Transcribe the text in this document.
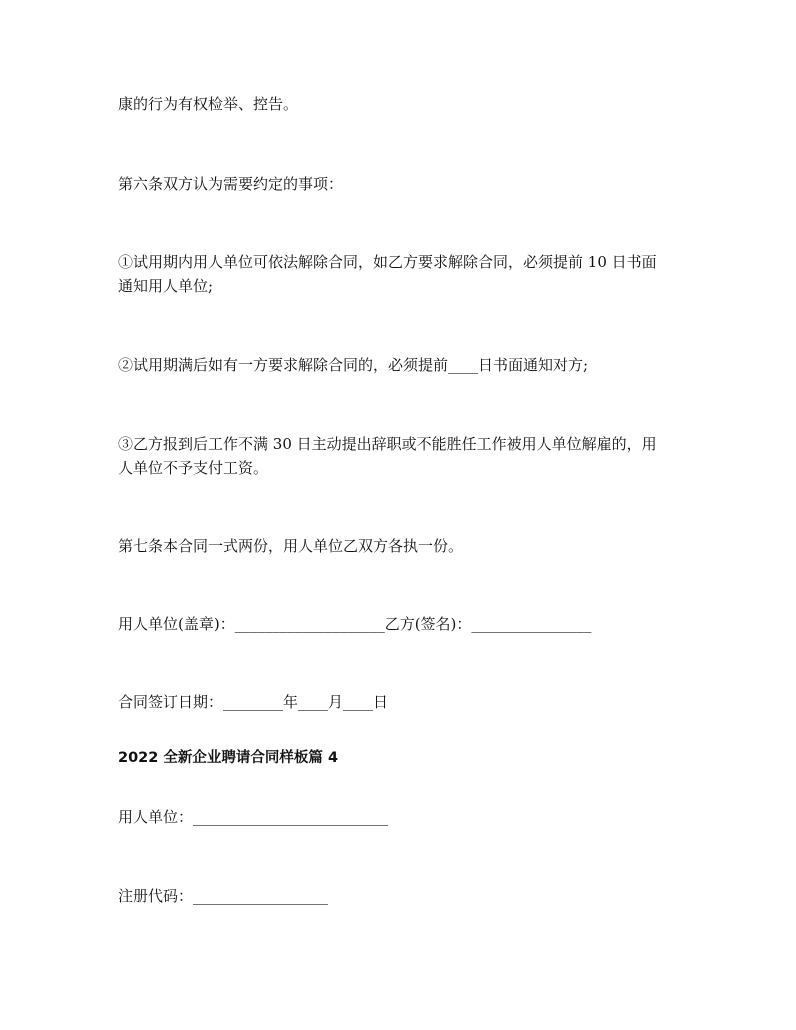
康的行为有权检举、控告。
第六条双方认为需要约定的事项：
①试用期内用人单位可依法解除合同，如乙方要求解除合同，必须提前 10 日书面
通知用人单位;
②试用期满后如有一方要求解除合同的，必须提前____日书面通知对方;
③乙方报到后工作不满 30 日主动提出辞职或不能胜任工作被用人单位解雇的，用
人单位不予支付工资。
第七条本合同一式两份，用人单位乙双方各执一份。
用人单位(盖章)：____________________乙方(签名)：________________
合同签订日期：________年____月____日
2022 全新企业聘请合同样板篇 4
用人单位：__________________________
注册代码：__________________
